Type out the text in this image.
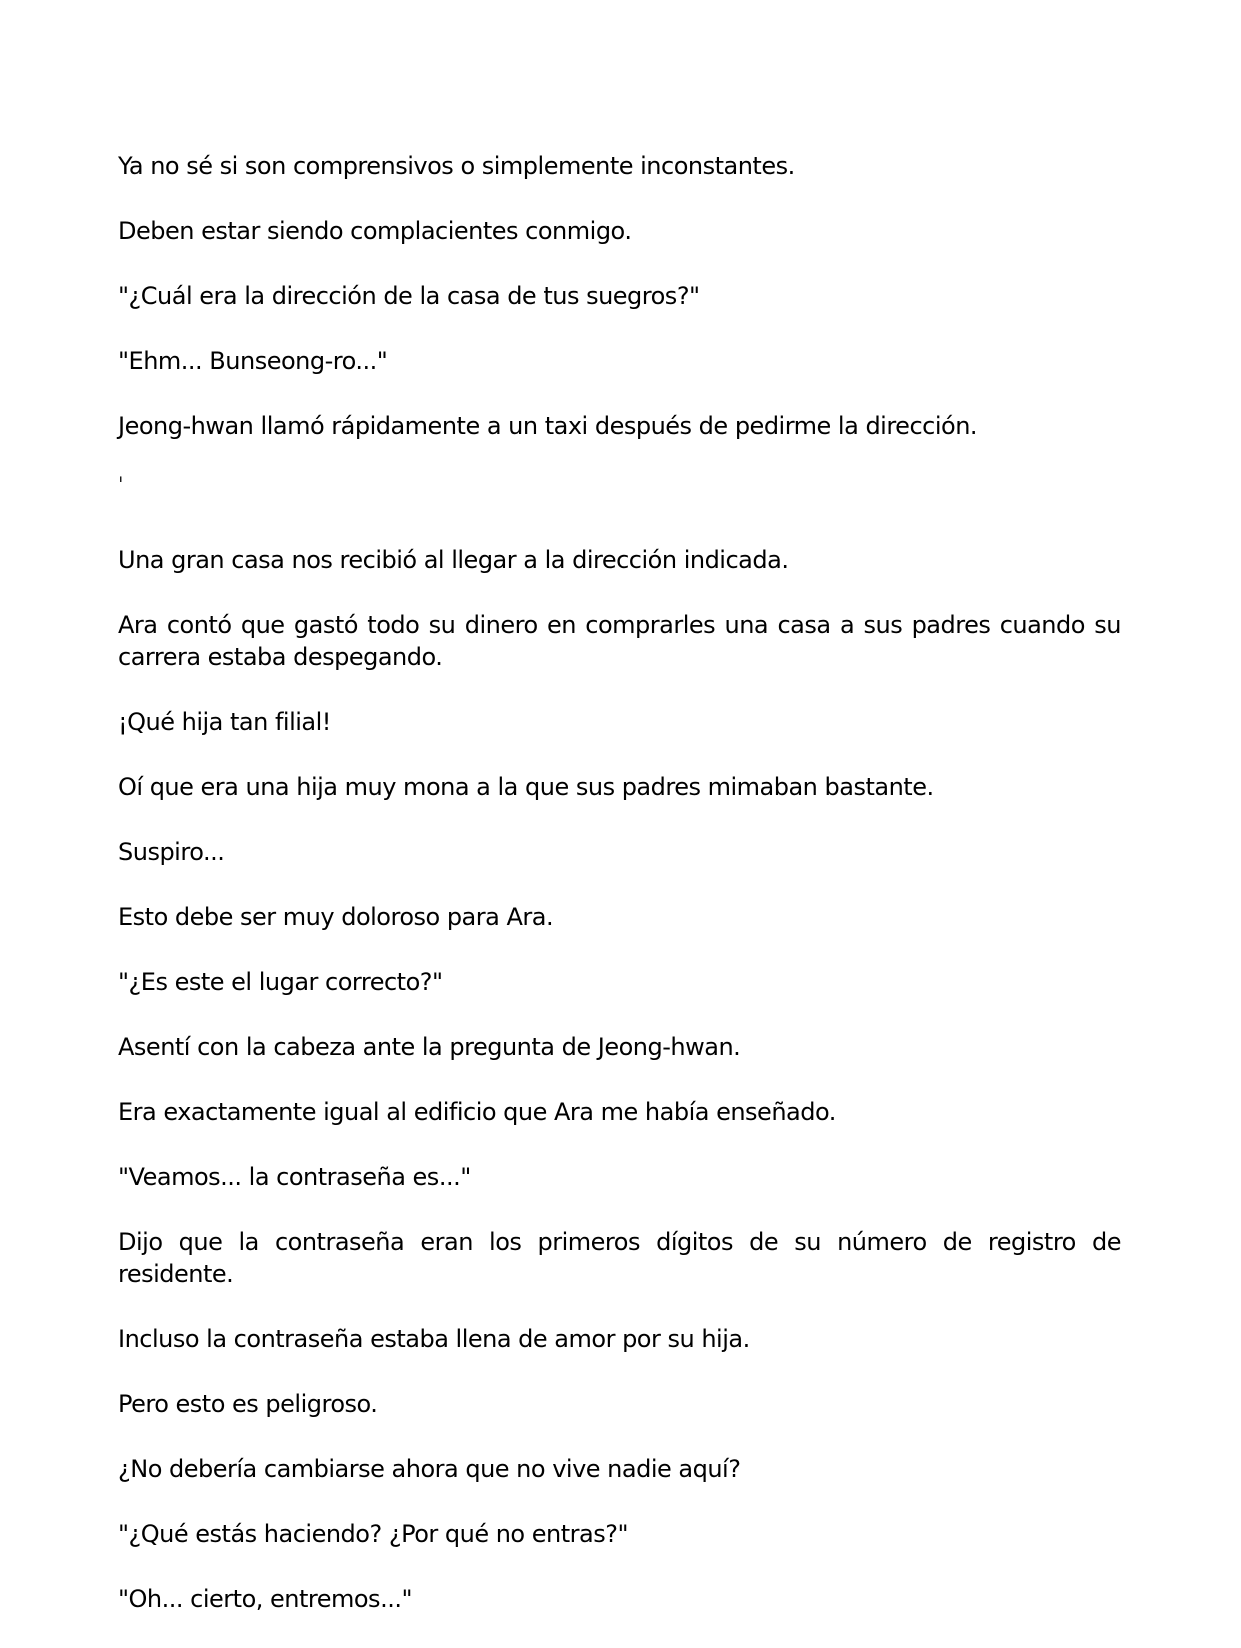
Ya no sé si son comprensivos o simplemente inconstantes.

Deben estar siendo complacientes conmigo.

"¿Cuál era la dirección de la casa de tus suegros?"

"Ehm... Bunseong-ro..."

Jeong-hwan llamó rápidamente a un taxi después de pedirme la dirección.

ˈ

Una gran casa nos recibió al llegar a la dirección indicada.

Ara contó que gastó todo su dinero en comprarles una casa a sus padres cuando su carrera estaba despegando.

¡Qué hija tan filial!

Oí que era una hija muy mona a la que sus padres mimaban bastante.

Suspiro...

Esto debe ser muy doloroso para Ara.

"¿Es este el lugar correcto?"

Asentí con la cabeza ante la pregunta de Jeong-hwan.

Era exactamente igual al edificio que Ara me había enseñado.

"Veamos... la contraseña es..."

Dijo que la contraseña eran los primeros dígitos de su número de registro de residente.

Incluso la contraseña estaba llena de amor por su hija.

Pero esto es peligroso.

¿No debería cambiarse ahora que no vive nadie aquí?

"¿Qué estás haciendo? ¿Por qué no entras?"

"Oh... cierto, entremos..."
